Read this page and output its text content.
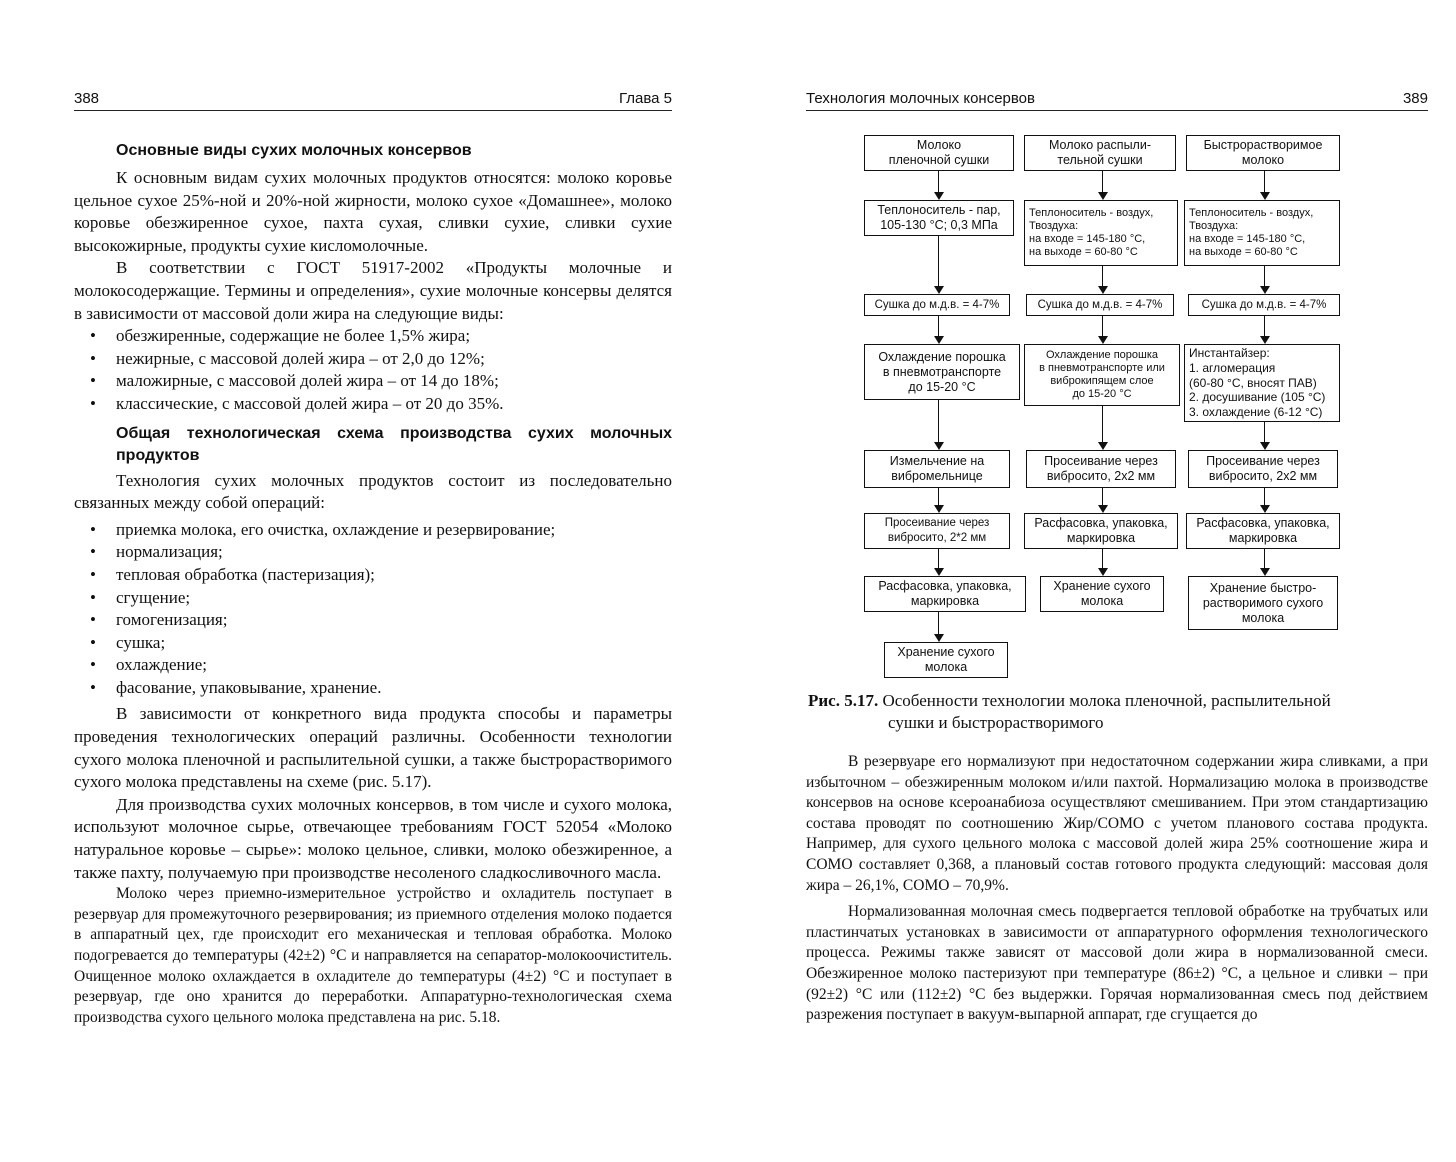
388	Глава 5
Основные виды сухих молочных консервов

К основным видам сухих молочных продуктов относятся: молоко коровье цельное сухое 25%-ной и 20%-ной жирности, молоко сухое «Домашнее», молоко коровье обезжиренное сухое, пахта сухая, сливки сухие, сливки сухие высокожирные, продукты сухие кисломолочные.

В соответствии с ГОСТ 51917-2002 «Продукты молочные и молокосодержащие. Термины и определения», сухие молочные консервы делятся в зависимости от массовой доли жира на следующие виды:

• обезжиренные, содержащие не более 1,5% жира;
• нежирные, с массовой долей жира – от 2,0 до 12%;
• маложирные, с массовой долей жира – от 14 до 18%;
• классические, с массовой долей жира – от 20 до 35%.
Общая технологическая схема производства сухих молочных продуктов

Технология сухих молочных продуктов состоит из последовательно связанных между собой операций:

• приемка молока, его очистка, охлаждение и резервирование;
• нормализация;
• тепловая обработка (пастеризация);
• сгущение;
• гомогенизация;
• сушка;
• охлаждение;
• фасование, упаковывание, хранение.

В зависимости от конкретного вида продукта способы и параметры проведения технологических операций различны. Особенности технологии сухого молока пленочной и распылительной сушки, а также быстрорастворимого сухого молока представлены на схеме (рис. 5.17).

Для производства сухих молочных консервов, в том числе и сухого молока, используют молочное сырье, отвечающее требованиям ГОСТ 52054 «Молоко натуральное коровье – сырье»: молоко цельное, сливки, молоко обезжиренное, а также пахту, получаемую при производстве несоленого сладкосливочного масла.

Молоко через приемно-измерительное устройство и охладитель поступает в резервуар для промежуточного резервирования; из приемного отделения молоко подается в аппаратный цех, где происходит его механическая и тепловая обработка. Молоко подогревается до температуры (42±2) °С и направляется на сепаратор-молокоочиститель. Очищенное молоко охлаждается в охладителе до температуры (4±2) °С и поступает в резервуар, где оно хранится до переработки. Аппаратурно-технологическая схема производства сухого цельного молока представлена на рис. 5.18.

Технология молочных консервов	389
Молоко
пленочной сушки
Теплоноситель - пар,
105-130 °С; 0,3 МПа
Сушка до м.д.в. = 4-7%
Охлаждение порошка
в пневмотранспорте
до 15-20 °С
Измельчение на
вибромельнице
Просеивание через
вибросито, 2*2 мм
Расфасовка, упаковка,
маркировка
Хранение сухого
молока
Молоко распыли-
тельной сушки
Теплоноситель - воздух,
Твоздуха:
на входе = 145-180 °С,
на выходе = 60-80 °С
Сушка до м.д.в. = 4-7%
Охлаждение порошка
в пневмотранспорте или
виброкипящем слое
до 15-20 °С
Просеивание через
вибросито, 2х2 мм
Расфасовка, упаковка,
маркировка
Хранение сухого
молока
Быстрорастворимое
молоко
Теплоноситель - воздух,
Твоздуха:
на входе = 145-180 °С,
на выходе = 60-80 °С
Сушка до м.д.в. = 4-7%
Инстантайзер:
1. агломерация
(60-80 °С, вносят ПАВ)
2. досушивание (105 °С)
3. охлаждение (6-12 °С)
Просеивание через
вибросито, 2х2 мм
Расфасовка, упаковка,
маркировка
Хранение быстро-
растворимого сухого
молока
Рис. 5.17. Особенности технологии молока пленочной, распылительной
сушки и быстрорастворимого

В резервуаре его нормализуют при недостаточном содержании жира сливками, а при избыточном – обезжиренным молоком и/или пахтой. Нормализацию молока в производстве консервов на основе ксероанабиоза осуществляют смешиванием. При этом стандартизацию состава проводят по соотношению Жир/СОМО с учетом планового состава продукта. Например, для сухого цельного молока с массовой долей жира 25% соотношение жира и СОМО составляет 0,368, а плановый состав готового продукта следующий: массовая доля жира – 26,1%, СОМО – 70,9%.

Нормализованная молочная смесь подвергается тепловой обработке на трубчатых или пластинчатых установках в зависимости от аппаратурного оформления технологического процесса. Режимы также зависят от массовой доли жира в нормализованной смеси. Обезжиренное молоко пастеризуют при температуре (86±2) °С, а цельное и сливки – при (92±2) °С или (112±2) °С без выдержки. Горячая нормализованная смесь под действием разрежения поступает в вакуум-выпарной аппарат, где сгущается до
